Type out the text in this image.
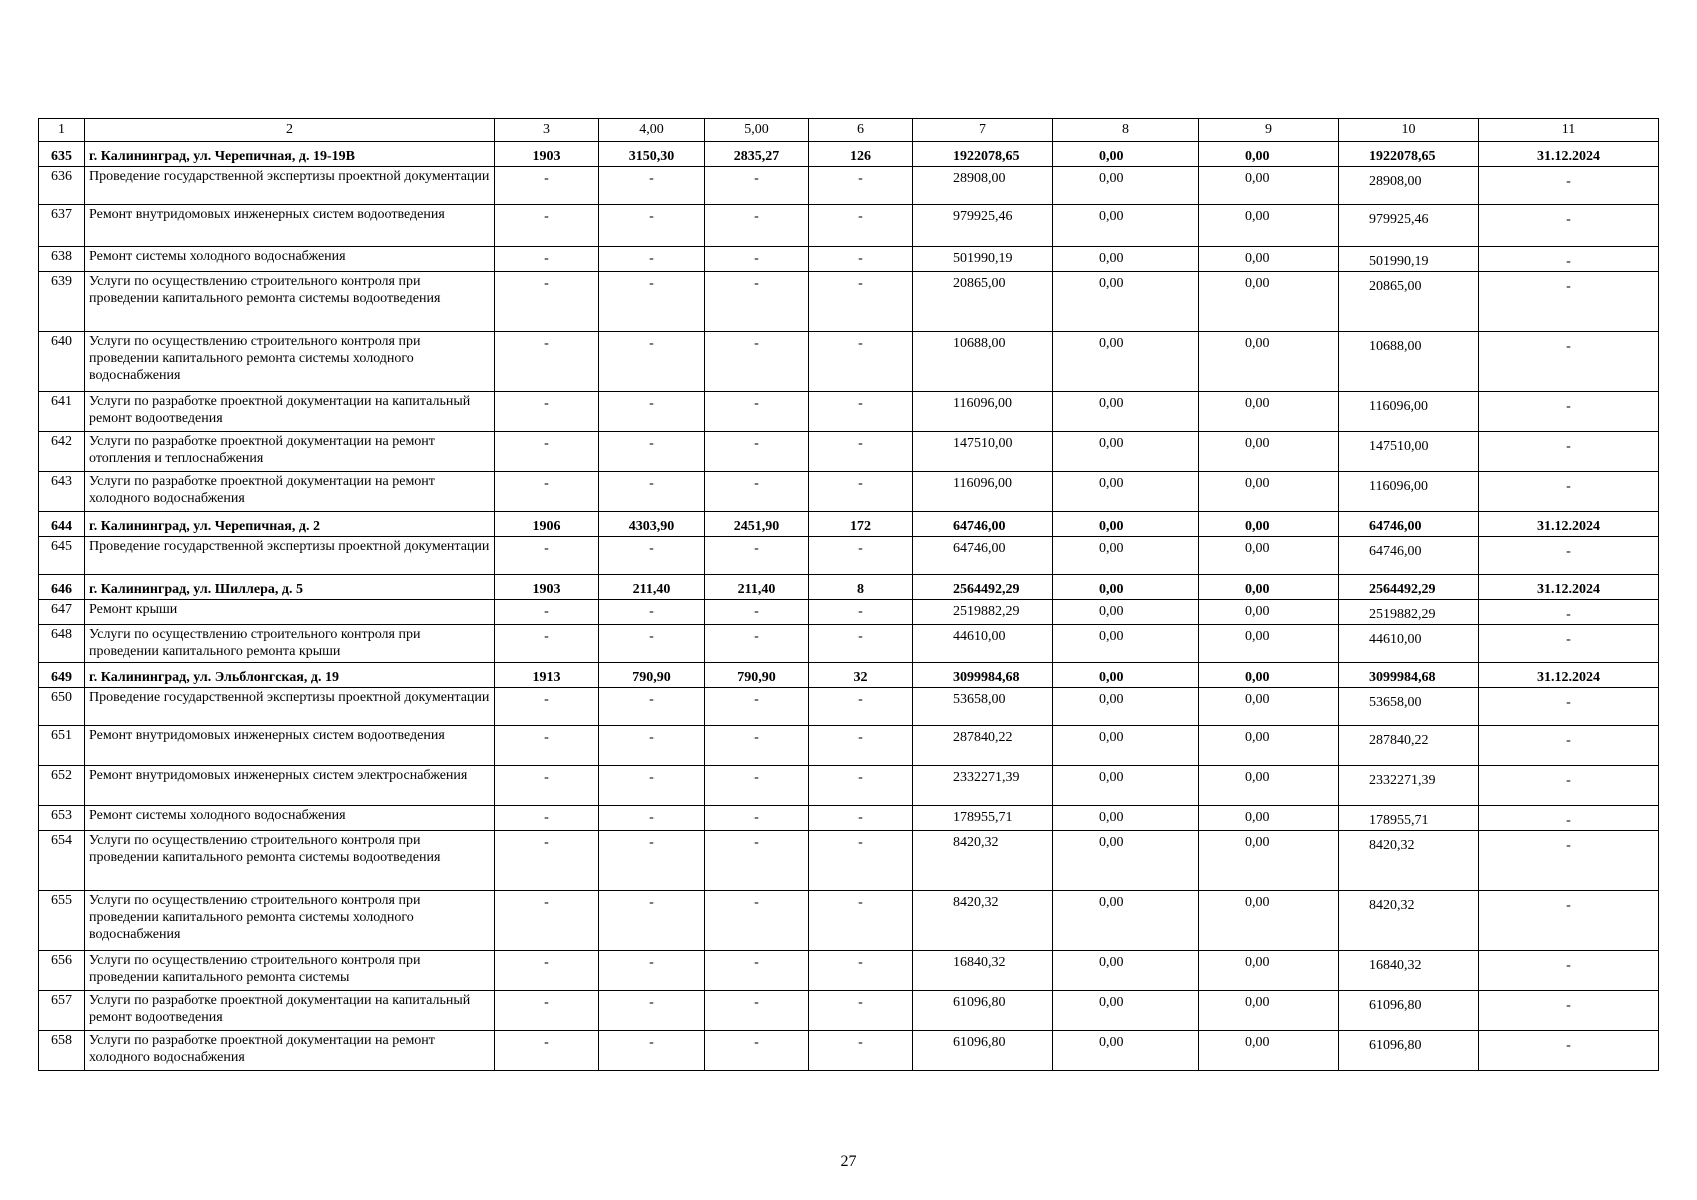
1	2	3	4,00	5,00	6	7	8	9	10	11
635	г. Калининград, ул. Черепичная, д. 19-19В	1903	3150,30	2835,27	126	1922078,65	0,00	0,00	1922078,65	31.12.2024
636	Проведение государственной экспертизы проектной документации	-	-	-	-	28908,00	0,00	0,00	28908,00	-
637	Ремонт внутридомовых инженерных систем водоотведения	-	-	-	-	979925,46	0,00	0,00	979925,46	-
638	Ремонт системы холодного водоснабжения	-	-	-	-	501990,19	0,00	0,00	501990,19	-
639	Услуги по осуществлению строительного контроля при проведении капитального ремонта системы водоотведения	-	-	-	-	20865,00	0,00	0,00	20865,00	-
640	Услуги по осуществлению строительного контроля при проведении капитального ремонта системы холодного водоснабжения	-	-	-	-	10688,00	0,00	0,00	10688,00	-
641	Услуги по разработке проектной документации на капитальный ремонт водоотведения	-	-	-	-	116096,00	0,00	0,00	116096,00	-
642	Услуги по разработке проектной документации на ремонт отопления и теплоснабжения	-	-	-	-	147510,00	0,00	0,00	147510,00	-
643	Услуги по разработке проектной документации на ремонт холодного водоснабжения	-	-	-	-	116096,00	0,00	0,00	116096,00	-
644	г. Калининград, ул. Черепичная, д. 2	1906	4303,90	2451,90	172	64746,00	0,00	0,00	64746,00	31.12.2024
645	Проведение государственной экспертизы проектной документации	-	-	-	-	64746,00	0,00	0,00	64746,00	-
646	г. Калининград, ул. Шиллера, д. 5	1903	211,40	211,40	8	2564492,29	0,00	0,00	2564492,29	31.12.2024
647	Ремонт крыши	-	-	-	-	2519882,29	0,00	0,00	2519882,29	-
648	Услуги по осуществлению строительного контроля при проведении капитального ремонта крыши	-	-	-	-	44610,00	0,00	0,00	44610,00	-
649	г. Калининград, ул. Эльблонгская, д. 19	1913	790,90	790,90	32	3099984,68	0,00	0,00	3099984,68	31.12.2024
650	Проведение государственной экспертизы проектной документации	-	-	-	-	53658,00	0,00	0,00	53658,00	-
651	Ремонт внутридомовых инженерных систем водоотведения	-	-	-	-	287840,22	0,00	0,00	287840,22	-
652	Ремонт внутридомовых инженерных систем электроснабжения	-	-	-	-	2332271,39	0,00	0,00	2332271,39	-
653	Ремонт системы холодного водоснабжения	-	-	-	-	178955,71	0,00	0,00	178955,71	-
654	Услуги по осуществлению строительного контроля при проведении капитального ремонта системы водоотведения	-	-	-	-	8420,32	0,00	0,00	8420,32	-
655	Услуги по осуществлению строительного контроля при проведении капитального ремонта системы холодного водоснабжения	-	-	-	-	8420,32	0,00	0,00	8420,32	-
656	Услуги по осуществлению строительного контроля при проведении капитального ремонта системы	-	-	-	-	16840,32	0,00	0,00	16840,32	-
657	Услуги по разработке проектной документации на капитальный ремонт водоотведения	-	-	-	-	61096,80	0,00	0,00	61096,80	-
658	Услуги по разработке проектной документации на ремонт холодного водоснабжения	-	-	-	-	61096,80	0,00	0,00	61096,80	-
27
